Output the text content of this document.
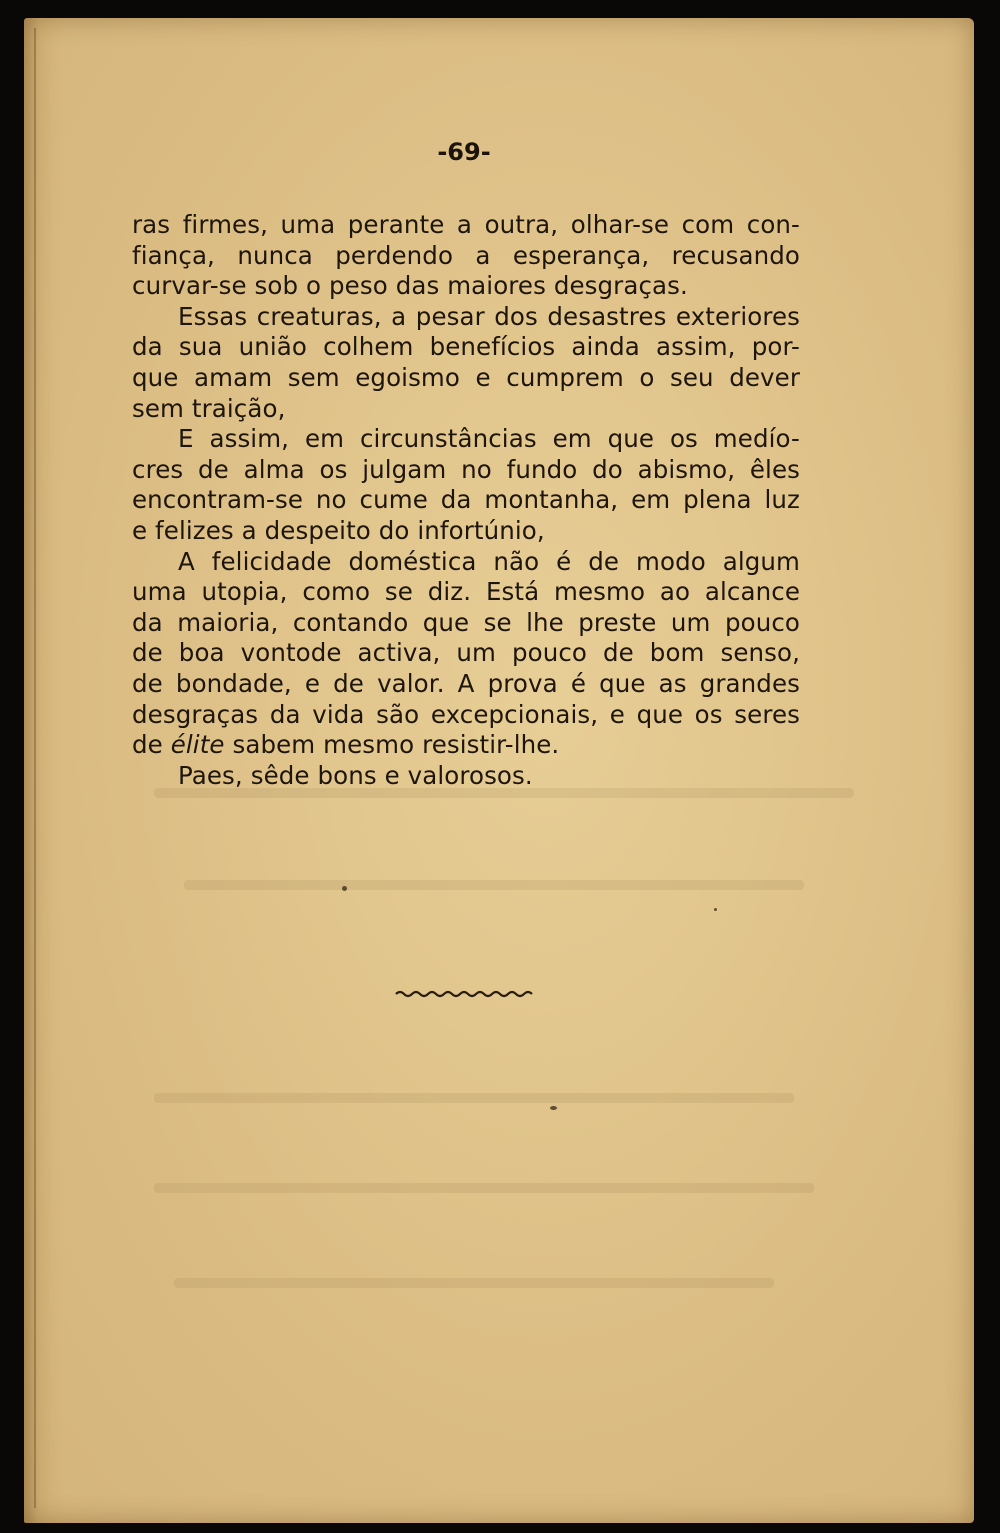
-69-
ras firmes, uma perante a outra, olhar-se com con-
fiança, nunca perdendo a esperança, recusando
curvar-se sob o peso das maiores desgraças.
Essas creaturas, a pesar dos desastres exteriores
da sua união colhem benefícios ainda assim, por-
que amam sem egoismo e cumprem o seu dever
sem traição,
E assim, em circunstâncias em que os medío-
cres de alma os julgam no fundo do abismo, êles
encontram-se no cume da montanha, em plena luz
e felizes a despeito do infortúnio,
A felicidade doméstica não é de modo algum
uma utopia, como se diz. Está mesmo ao alcance
da maioria, contando que se lhe preste um pouco
de boa vontode activa, um pouco de bom senso,
de bondade, e de valor. A prova é que as grandes
desgraças da vida são excepcionais, e que os seres
de élite sabem mesmo resistir-lhe.
Paes, sêde bons e valorosos.
